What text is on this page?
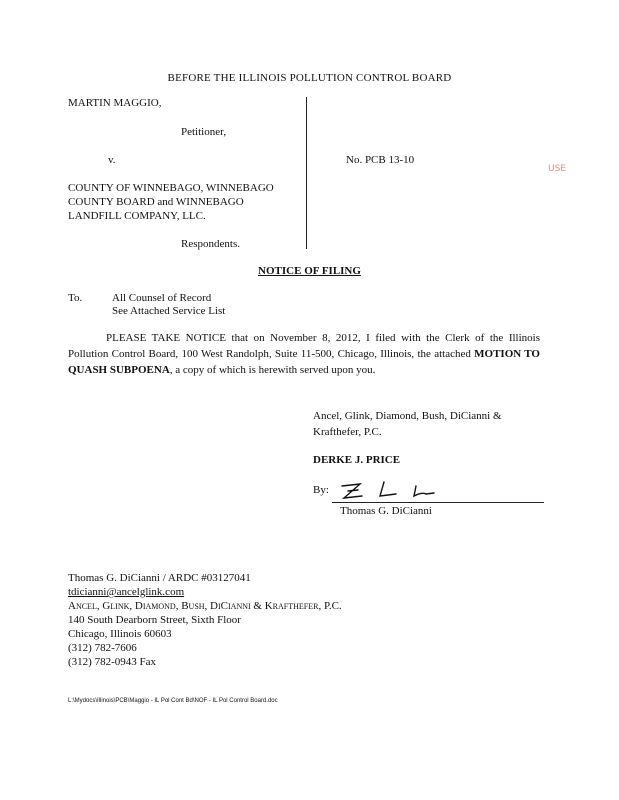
BEFORE THE ILLINOIS POLLUTION CONTROL BOARD
MARTIN MAGGIO,
Petitioner,
v.	No. PCB 13-10
COUNTY OF WINNEBAGO, WINNEBAGO
COUNTY BOARD and WINNEBAGO
LANDFILL COMPANY, LLC.
Respondents.
USE
NOTICE OF FILING
To.	All Counsel of Record
See Attached Service List
PLEASE TAKE NOTICE that on November 8, 2012, I filed with the Clerk of the Illinois Pollution Control Board, 100 West Randolph, Suite 11-500, Chicago, Illinois, the attached MOTION TO QUASH SUBPOENA, a copy of which is herewith served upon you.
Ancel, Glink, Diamond, Bush, DiCianni &
Krafthefer, P.C.
DERKE J. PRICE
By:
Thomas G. DiCianni
Thomas G. DiCianni / ARDC #03127041
tdicianni@ancelglink.com
Ancel, Glink, Diamond, Bush, DiCianni & Krafthefer, P.C.
140 South Dearborn Street, Sixth Floor
Chicago, Illinois 60603
(312) 782-7606
(312) 782-0943 Fax
L:\Mydocs\Illinois\PCB\Maggio - IL Pol Cont Bd\NOF - IL Pol Control Board.doc
